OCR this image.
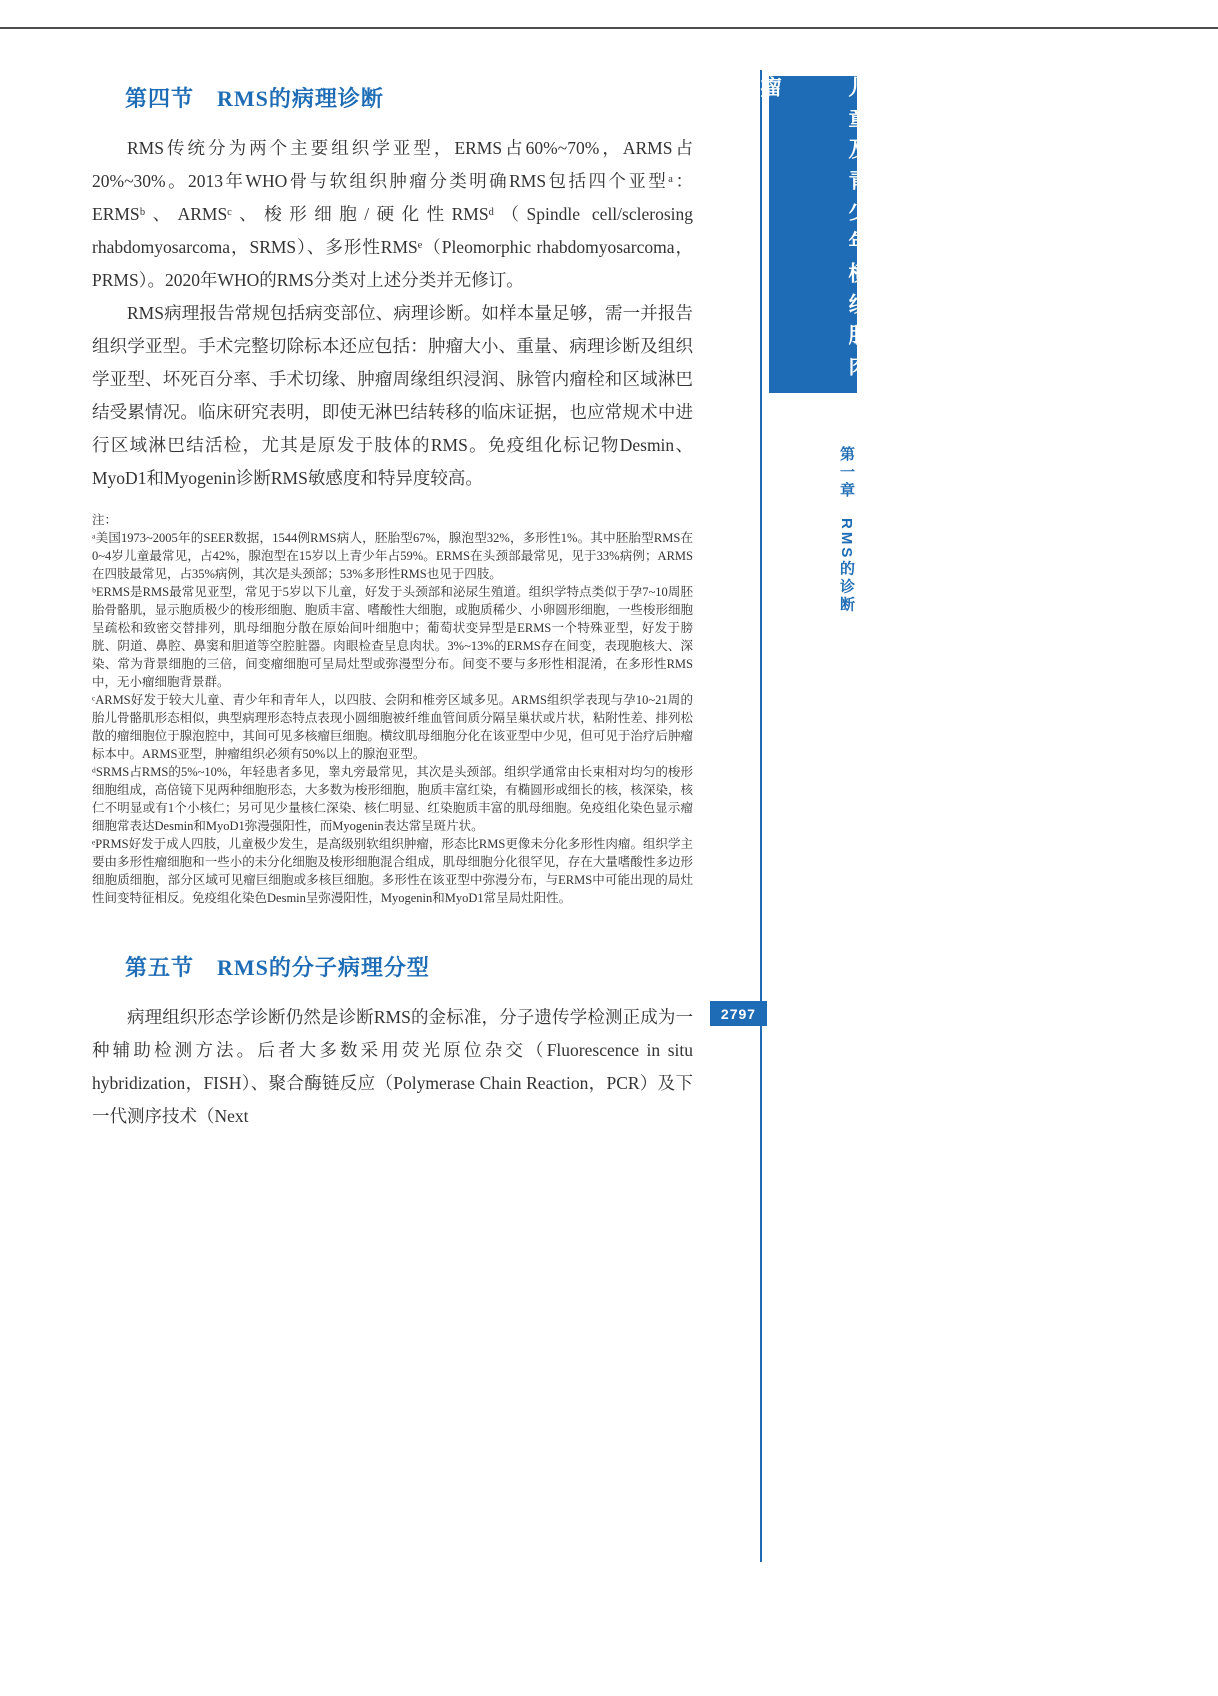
第四节　RMS的病理诊断

RMS传统分为两个主要组织学亚型，ERMS占60%~70%，ARMS占20%~30%。2013年WHO骨与软组织肿瘤分类明确RMS包括四个亚型ᵃ：ERMSᵇ、ARMSᶜ、梭形细胞/硬化性RMSᵈ（Spindle cell/sclerosing rhabdomyosarcoma，SRMS）、多形性RMSᵉ（Pleomorphic rhabdomyosarcoma，PRMS）。2020年WHO的RMS分类对上述分类并无修订。

RMS病理报告常规包括病变部位、病理诊断。如样本量足够，需一并报告组织学亚型。手术完整切除标本还应包括：肿瘤大小、重量、病理诊断及组织学亚型、坏死百分率、手术切缘、肿瘤周缘组织浸润、脉管内瘤栓和区域淋巴结受累情况。临床研究表明，即使无淋巴结转移的临床证据，也应常规术中进行区域淋巴结活检，尤其是原发于肢体的RMS。免疫组化标记物Desmin、MyoD1和Myogenin诊断RMS敏感度和特异度较高。

注：

ᵃ美国1973~2005年的SEER数据，1544例RMS病人，胚胎型67%，腺泡型32%，多形性1%。其中胚胎型RMS在0~4岁儿童最常见，占42%，腺泡型在15岁以上青少年占59%。ERMS在头颈部最常见，见于33%病例；ARMS在四肢最常见，占35%病例，其次是头颈部；53%多形性RMS也见于四肢。

ᵇERMS是RMS最常见亚型，常见于5岁以下儿童，好发于头颈部和泌尿生殖道。组织学特点类似于孕7~10周胚胎骨骼肌，显示胞质极少的梭形细胞、胞质丰富、嗜酸性大细胞，或胞质稀少、小卵圆形细胞，一些梭形细胞呈疏松和致密交替排列，肌母细胞分散在原始间叶细胞中；葡萄状变异型是ERMS一个特殊亚型，好发于膀胱、阴道、鼻腔、鼻窦和胆道等空腔脏器。肉眼检查呈息肉状。3%~13%的ERMS存在间变，表现胞核大、深染、常为背景细胞的三倍，间变瘤细胞可呈局灶型或弥漫型分布。间变不要与多形性相混淆，在多形性RMS中，无小瘤细胞背景群。

ᶜARMS好发于较大儿童、青少年和青年人，以四肢、会阴和椎旁区域多见。ARMS组织学表现与孕10~21周的胎儿骨骼肌形态相似，典型病理形态特点表现小圆细胞被纤维血管间质分隔呈巢状或片状，粘附性差、排列松散的瘤细胞位于腺泡腔中，其间可见多核瘤巨细胞。横纹肌母细胞分化在该亚型中少见，但可见于治疗后肿瘤标本中。ARMS亚型，肿瘤组织必须有50%以上的腺泡亚型。

ᵈSRMS占RMS的5%~10%，年轻患者多见，睾丸旁最常见，其次是头颈部。组织学通常由长束相对均匀的梭形细胞组成，高倍镜下见两种细胞形态，大多数为梭形细胞，胞质丰富红染，有椭圆形或细长的核，核深染，核仁不明显或有1个小核仁；另可见少量核仁深染、核仁明显、红染胞质丰富的肌母细胞。免疫组化染色显示瘤细胞常表达Desmin和MyoD1弥漫强阳性，而Myogenin表达常呈斑片状。

ᵉPRMS好发于成人四肢，儿童极少发生，是高级别软组织肿瘤，形态比RMS更像未分化多形性肉瘤。组织学主要由多形性瘤细胞和一些小的未分化细胞及梭形细胞混合组成，肌母细胞分化很罕见，存在大量嗜酸性多边形细胞质细胞，部分区域可见瘤巨细胞或多核巨细胞。多形性在该亚型中弥漫分布，与ERMS中可能出现的局灶性间变特征相反。免疫组化染色Desmin呈弥漫阳性，Myogenin和MyoD1常呈局灶阳性。

第五节　RMS的分子病理分型

病理组织形态学诊断仍然是诊断RMS的金标准，分子遗传学检测正成为一种辅助检测方法。后者大多数采用荧光原位杂交（Fluorescence in situ hybridization，FISH）、聚合酶链反应（Polymerase Chain Reaction，PCR）及下一代测序技术（Next

儿童及青少年横纹肌肉瘤
第一章　RMS的诊断
2797
